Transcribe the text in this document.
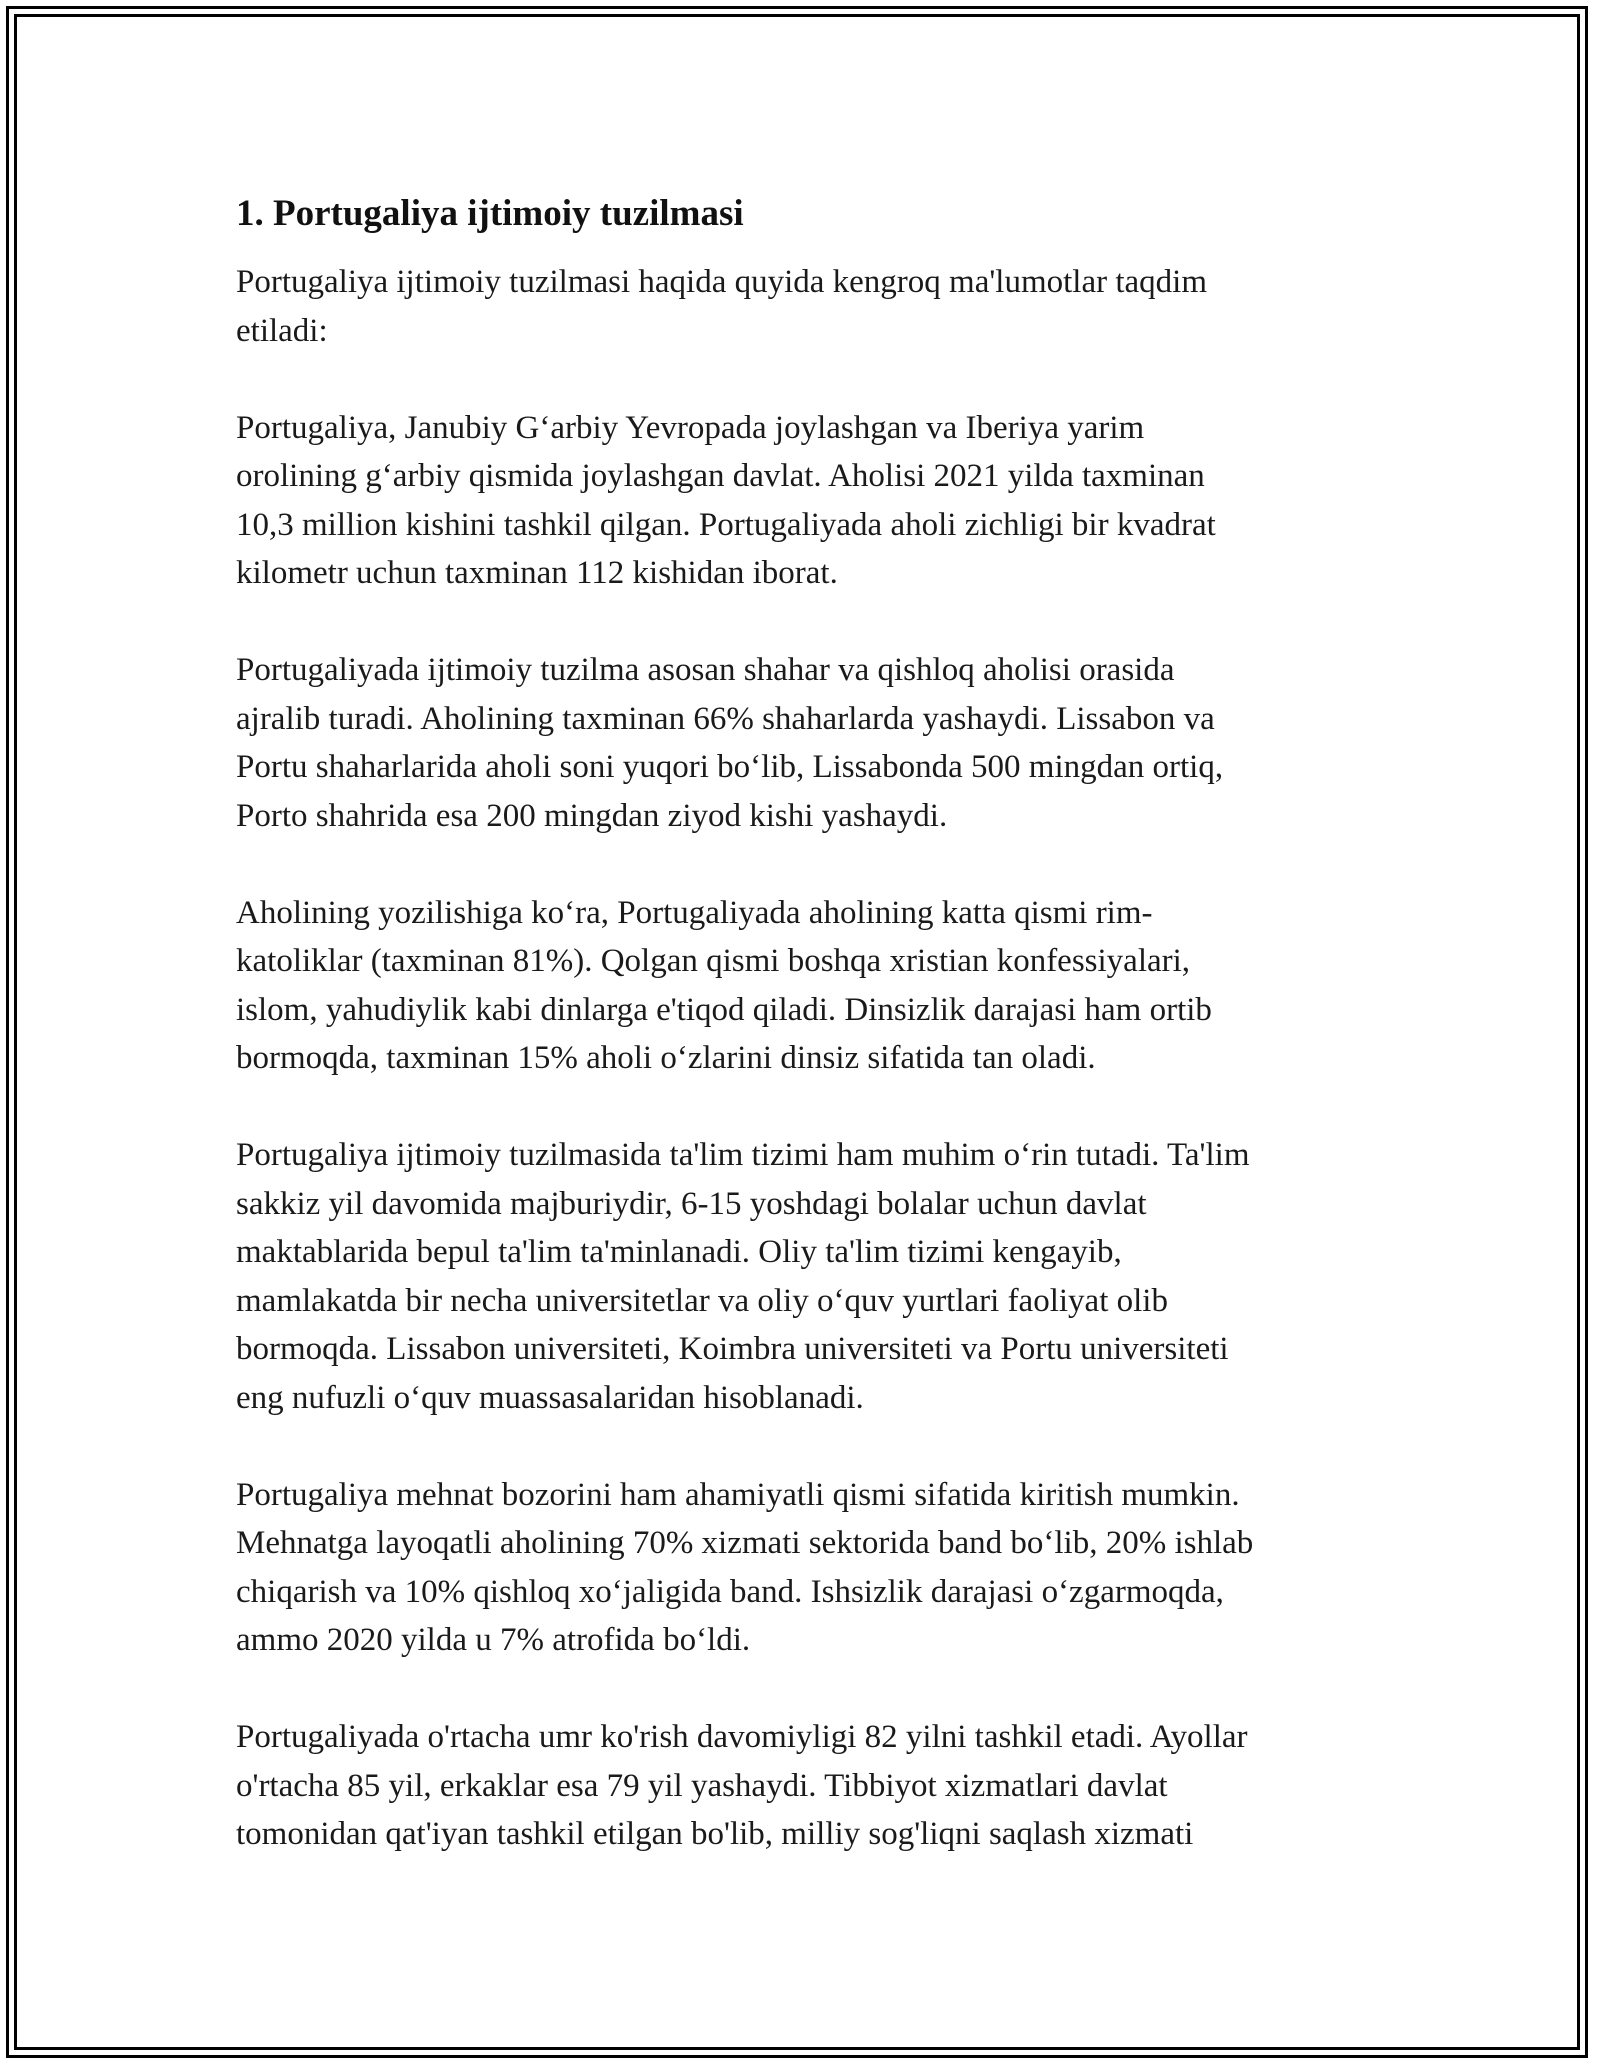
1. Portugaliya ijtimoiy tuzilmasi

Portugaliya ijtimoiy tuzilmasi haqida quyida kengroq ma'lumotlar taqdim
etiladi:

Portugaliya, Janubiy G‘arbiy Yevropada joylashgan va Iberiya yarim
orolining g‘arbiy qismida joylashgan davlat. Aholisi 2021 yilda taxminan
10,3 million kishini tashkil qilgan. Portugaliyada aholi zichligi bir kvadrat
kilometr uchun taxminan 112 kishidan iborat.

Portugaliyada ijtimoiy tuzilma asosan shahar va qishloq aholisi orasida
ajralib turadi. Aholining taxminan 66% shaharlarda yashaydi. Lissabon va
Portu shaharlarida aholi soni yuqori bo‘lib, Lissabonda 500 mingdan ortiq,
Porto shahrida esa 200 mingdan ziyod kishi yashaydi.

Aholining yozilishiga ko‘ra, Portugaliyada aholining katta qismi rim-
katoliklar (taxminan 81%). Qolgan qismi boshqa xristian konfessiyalari,
islom, yahudiylik kabi dinlarga e'tiqod qiladi. Dinsizlik darajasi ham ortib
bormoqda, taxminan 15% aholi o‘zlarini dinsiz sifatida tan oladi.

Portugaliya ijtimoiy tuzilmasida ta'lim tizimi ham muhim o‘rin tutadi. Ta'lim
sakkiz yil davomida majburiydir, 6-15 yoshdagi bolalar uchun davlat
maktablarida bepul ta'lim ta'minlanadi. Oliy ta'lim tizimi kengayib,
mamlakatda bir necha universitetlar va oliy o‘quv yurtlari faoliyat olib
bormoqda. Lissabon universiteti, Koimbra universiteti va Portu universiteti
eng nufuzli o‘quv muassasalaridan hisoblanadi.

Portugaliya mehnat bozorini ham ahamiyatli qismi sifatida kiritish mumkin.
Mehnatga layoqatli aholining 70% xizmati sektorida band bo‘lib, 20% ishlab
chiqarish va 10% qishloq xo‘jaligida band. Ishsizlik darajasi o‘zgarmoqda,
ammo 2020 yilda u 7% atrofida bo‘ldi.

Portugaliyada o'rtacha umr ko'rish davomiyligi 82 yilni tashkil etadi. Ayollar
o'rtacha 85 yil, erkaklar esa 79 yil yashaydi. Tibbiyot xizmatlari davlat
tomonidan qat'iyan tashkil etilgan bo'lib, milliy sog'liqni saqlash xizmati
